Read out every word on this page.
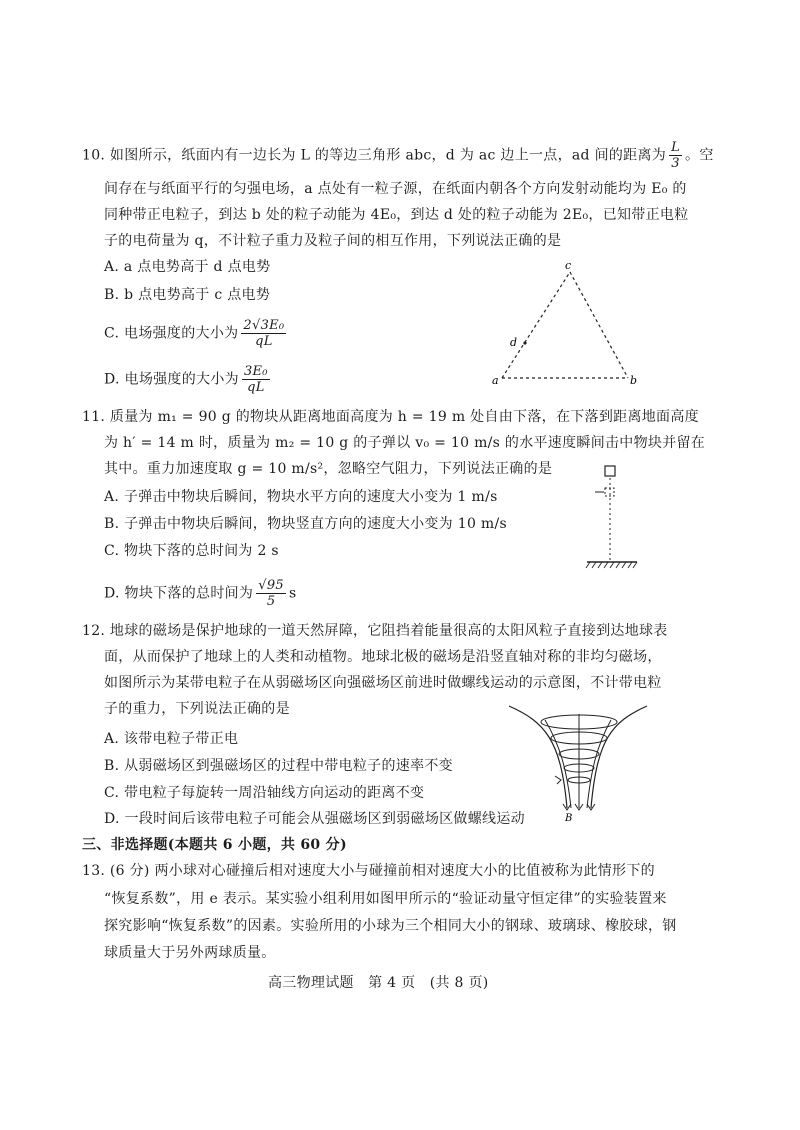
10. 如图所示，纸面内有一边长为 L 的等边三角形 abc，d 为 ac 边上一点，ad 间的距离为 $\frac{L}{3}$ 。空
间存在与纸面平行的匀强电场，a 点处有一粒子源，在纸面内朝各个方向发射动能均为 E₀ 的
同种带正电粒子，到达 b 处的粒子动能为 4E₀，到达 d 处的粒子动能为 2E₀，已知带正电粒
子的电荷量为 q，不计粒子重力及粒子间的相互作用，下列说法正确的是
A. a 点电势高于 d 点电势
B. b 点电势高于 c 点电势
C. 电场强度的大小为 $\frac{\text{2√3E₀}}{qL}$
D. 电场强度的大小为 $\frac{\text{3E₀}}{qL}$
c
d
a	b
11. 质量为 m₁ = 90 g 的物块从距离地面高度为 h = 19 m 处自由下落，在下落到距离地面高度
为 h′ = 14 m 时，质量为 m₂ = 10 g 的子弹以 v₀ = 10 m/s 的水平速度瞬间击中物块并留在
其中。重力加速度取 g = 10 m/s²，忽略空气阻力，下列说法正确的是
A. 子弹击中物块后瞬间，物块水平方向的速度大小变为 1 m/s
B. 子弹击中物块后瞬间，物块竖直方向的速度大小变为 10 m/s
C. 物块下落的总时间为 2 s
D. 物块下落的总时间为 $\frac{√95}{5}$ s
12. 地球的磁场是保护地球的一道天然屏障，它阻挡着能量很高的太阳风粒子直接到达地球表
面，从而保护了地球上的人类和动植物。地球北极的磁场是沿竖直轴对称的非均匀磁场，
如图所示为某带电粒子在从弱磁场区向强磁场区前进时做螺线运动的示意图，不计带电粒
子的重力，下列说法正确的是
A. 该带电粒子带正电
B. 从弱磁场区到强磁场区的过程中带电粒子的速率不变
C. 带电粒子每旋转一周沿轴线方向运动的距离不变
D. 一段时间后该带电粒子可能会从强磁场区到弱磁场区做螺线运动	B
三、非选择题(本题共 6 小题，共 60 分)
13. (6 分) 两小球对心碰撞后相对速度大小与碰撞前相对速度大小的比值被称为此情形下的
“恢复系数”，用 e 表示。某实验小组利用如图甲所示的“验证动量守恒定律”的实验装置来
探究影响“恢复系数”的因素。实验所用的小球为三个相同大小的钢球、玻璃球、橡胶球，钢
球质量大于另外两球质量。
高三物理试题　第 4 页　(共 8 页)
